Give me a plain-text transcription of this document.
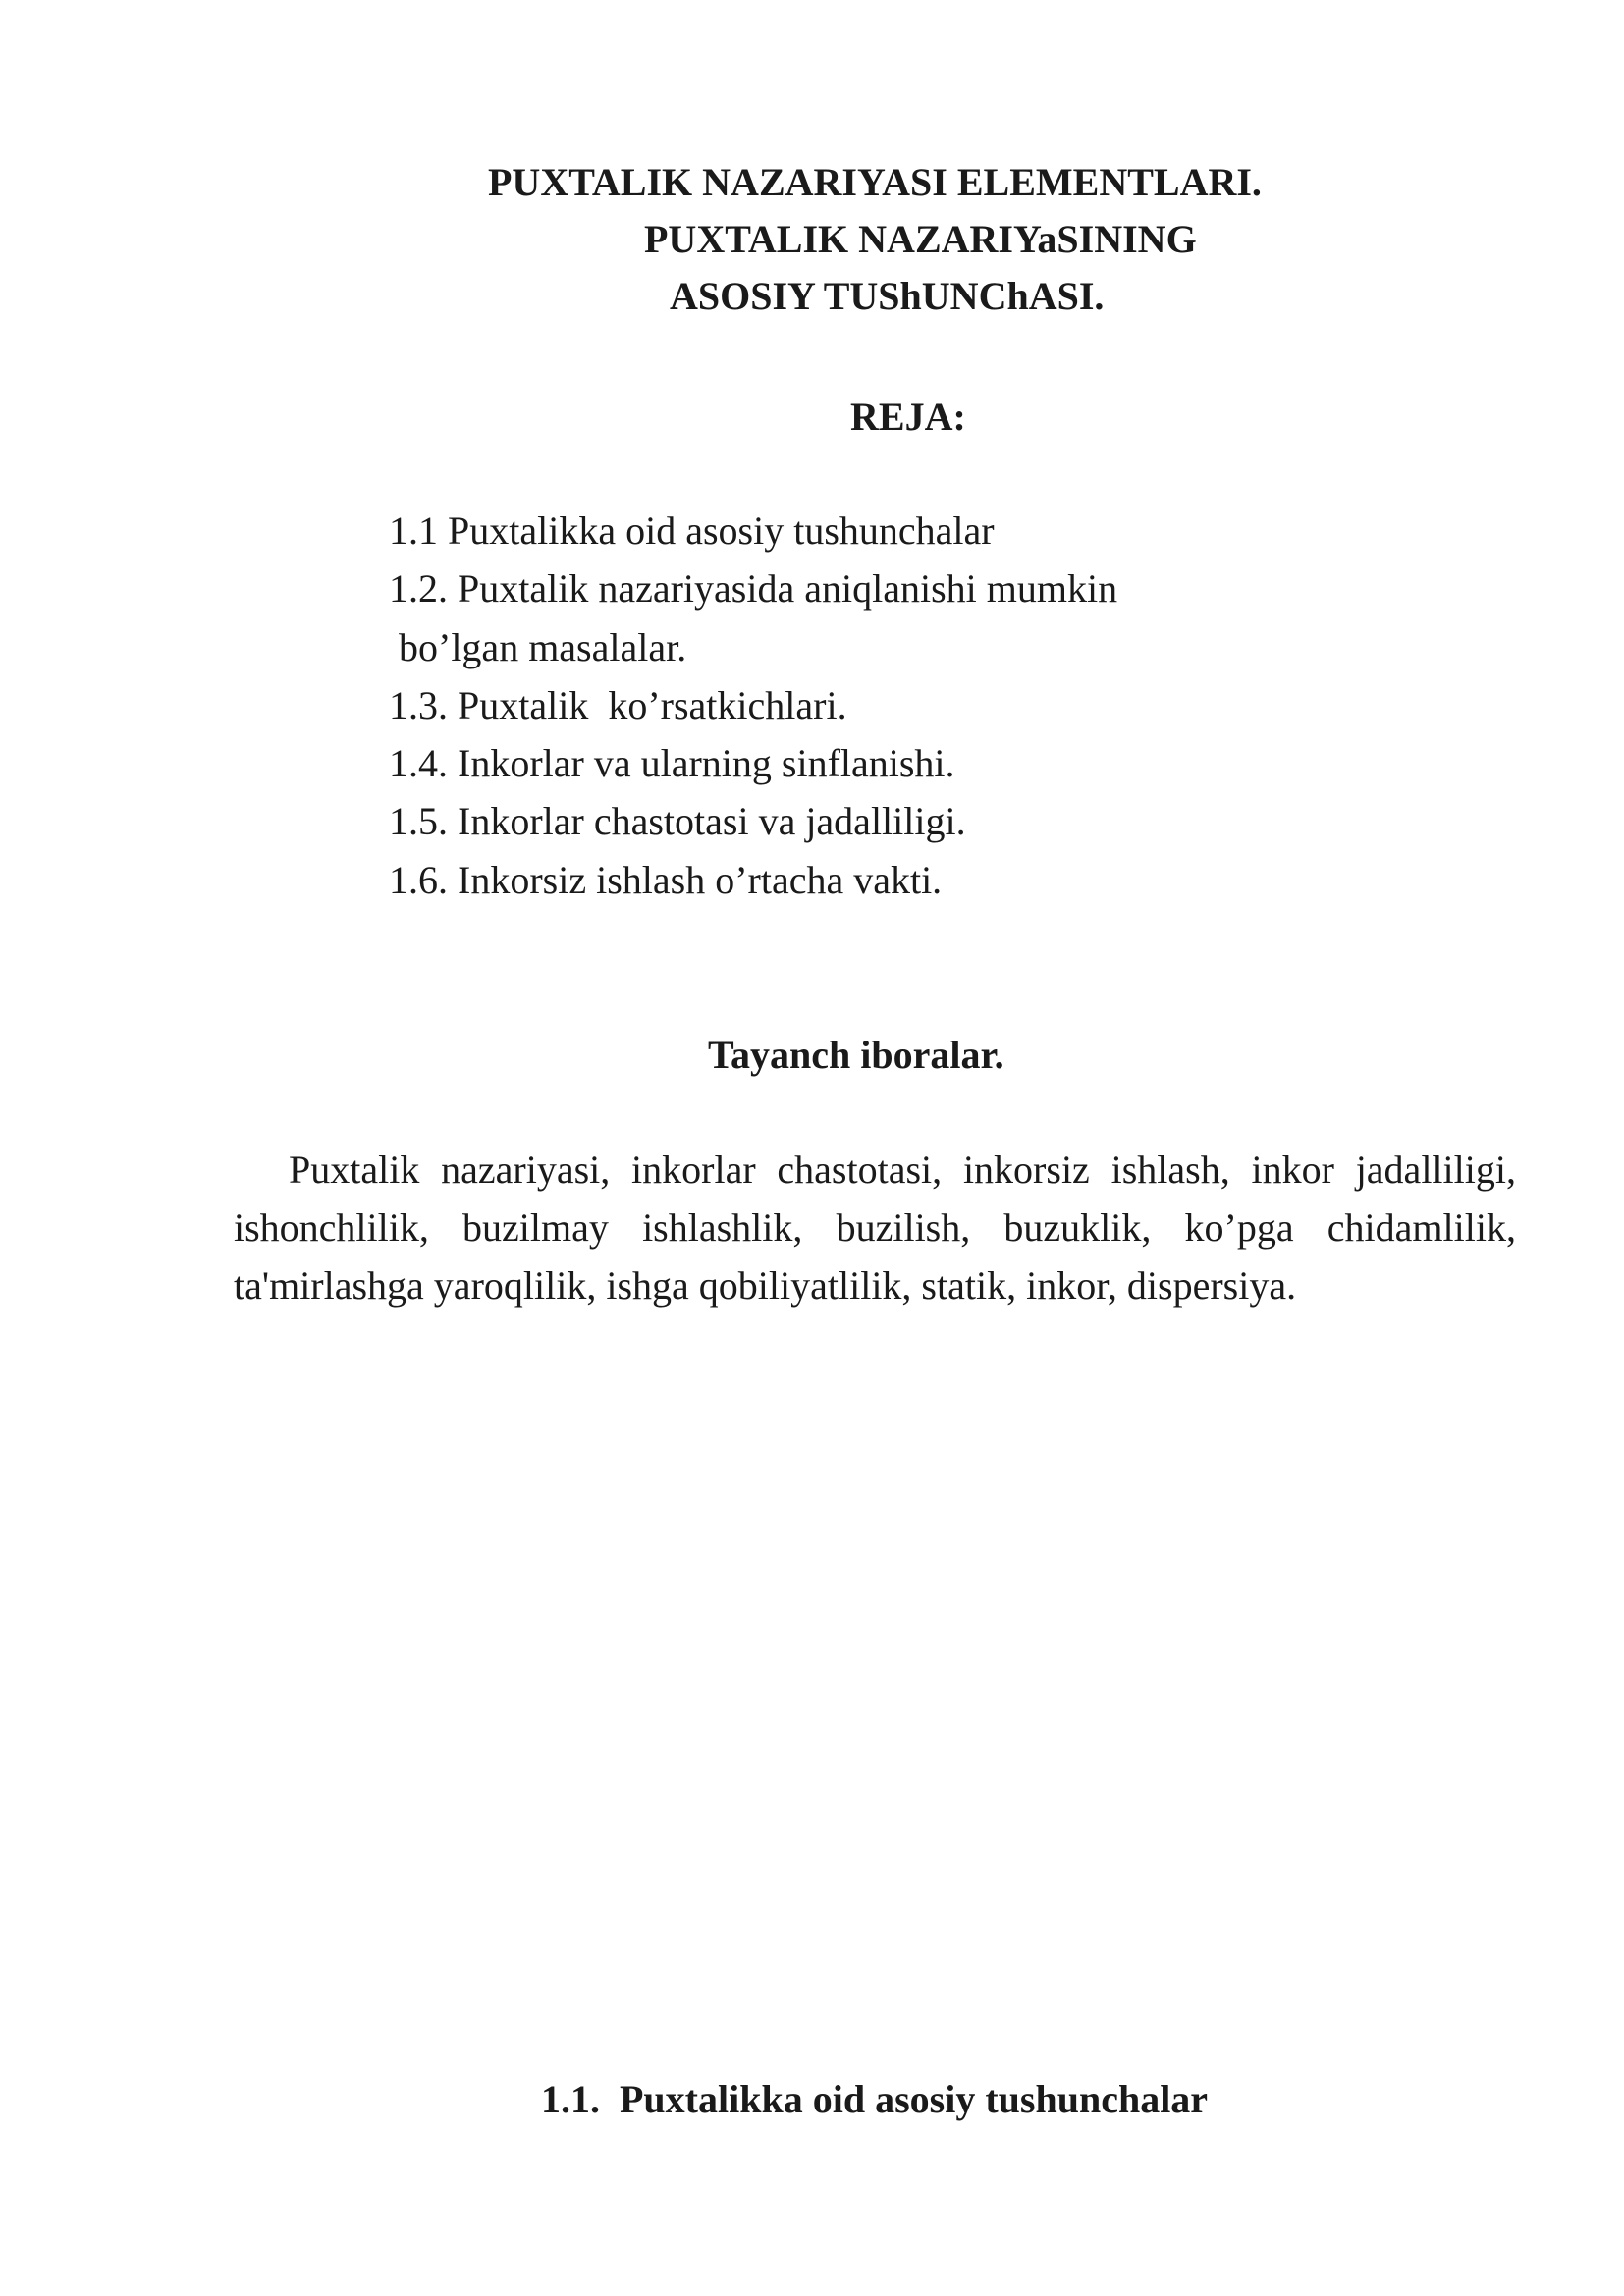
PUXTALIK NAZARIYASI ELEMENTLARI.
PUXTALIK NAZARIYaSINING
ASOSIY TUShUNChASI.
REJA:
1.1 Puxtalikka oid asosiy tushunchalar
1.2. Puxtalik nazariyasida aniqlanishi mumkin
bo’lgan masalalar.
1.3. Puxtalik  ko’rsatkichlari.
1.4. Inkorlar va ularning sinflanishi.
1.5. Inkorlar chastotasi va jadalliligi.
1.6. Inkorsiz ishlash o’rtacha vakti.
Tayanch iboralar.
Puxtalik nazariyasi, inkorlar chastotasi, inkorsiz ishlash, inkor jadalliligi, ishonchlilik, buzilmay ishlashlik, buzilish, buzuklik, ko’pga chidamlilik, ta'mirlashga yaroqlilik, ishga qobiliyatlilik, statik, inkor, dispersiya.
1.1.  Puxtalikka oid asosiy tushunchalar
